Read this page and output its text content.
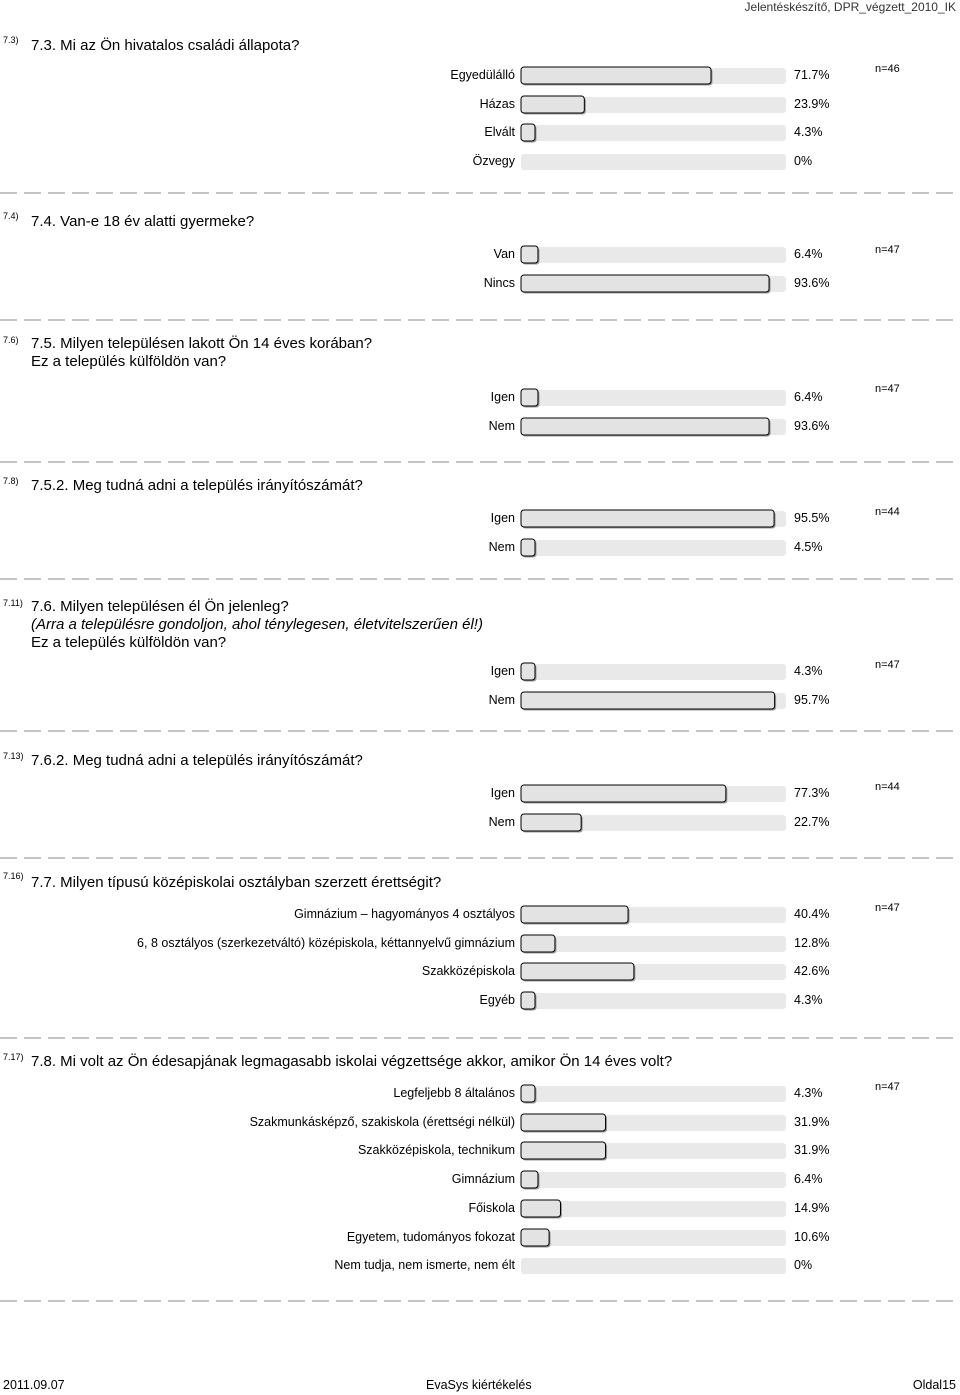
Jelentéskészítő, DPR_végzett_2010_IK
7.3) 7.3. Mi az Ön hivatalos családi állapota?
n=46
Egyedülálló	71.7%
Házas	23.9%
Elvált	4.3%
Özvegy	0%
7.4) 7.4. Van-e 18 év alatti gyermeke?
n=47
Van	6.4%
Nincs	93.6%
7.6) 7.5. Milyen településen lakott Ön 14 éves korában?
Ez a település külföldön van?
n=47
Igen	6.4%
Nem	93.6%
7.8) 7.5.2. Meg tudná adni a település irányítószámát?
n=44
Igen	95.5%
Nem	4.5%
7.11) 7.6. Milyen településen él Ön jelenleg?
(Arra a településre gondoljon, ahol ténylegesen, életvitelszerűen él!)
Ez a település külföldön van?
n=47
Igen	4.3%
Nem	95.7%
7.13) 7.6.2. Meg tudná adni a település irányítószámát?
n=44
Igen	77.3%
Nem	22.7%
7.16) 7.7. Milyen típusú középiskolai osztályban szerzett érettségit?
n=47
Gimnázium – hagyományos 4 osztályos	40.4%
6, 8 osztályos (szerkezetváltó) középiskola, kéttannyelvű gimnázium	12.8%
Szakközépiskola	42.6%
Egyéb	4.3%
7.17) 7.8. Mi volt az Ön édesapjának legmagasabb iskolai végzettsége akkor, amikor Ön 14 éves volt?
n=47
Legfeljebb 8 általános	4.3%
Szakmunkásképző, szakiskola (érettségi nélkül)	31.9%
Szakközépiskola, technikum	31.9%
Gimnázium	6.4%
Főiskola	14.9%
Egyetem, tudományos fokozat	10.6%
Nem tudja, nem ismerte, nem élt	0%
2011.09.07	EvaSys kiértékelés	Oldal15
